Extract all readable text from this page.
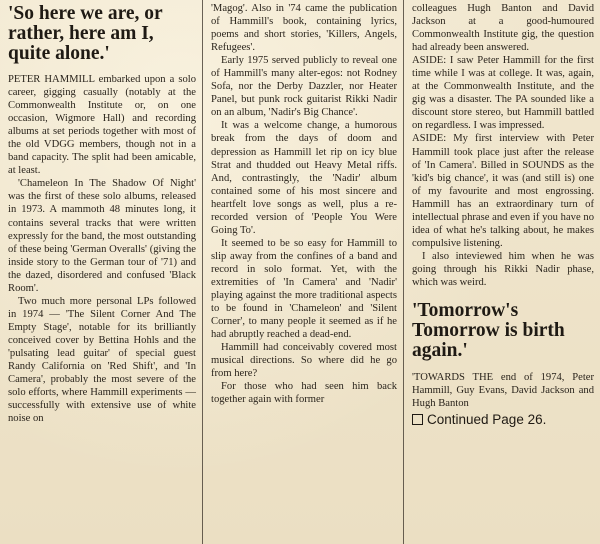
'So here we are, or rather, here am I, quite alone.'

PETER HAMMILL embarked upon a solo career, gigging casually (notably at the Commonwealth Institute or, on one occasion, Wigmore Hall) and recording albums at set periods together with most of the old VDGG members, though not in a band capacity. The split had been amicable, at least.

'Chameleon In The Shadow Of Night' was the first of these solo albums, released in 1973. A mammoth 48 minutes long, it contains several tracks that were written expressly for the band, the most outstanding of these being 'German Overalls' (giving the inside story to the German tour of '71) and the dazed, disordered and confused 'Black Room'.

Two much more personal LPs followed in 1974 — 'The Silent Corner And The Empty Stage', notable for its brilliantly conceived cover by Bettina Hohls and the 'pulsating lead guitar' of special guest Randy California on 'Red Shift', and 'In Camera', probably the most severe of the solo efforts, where Hammill experiments — successfully with extensive use of white noise on

'Magog'. Also in '74 came the publication of Hammill's book, containing lyrics, poems and short stories, 'Killers, Angels, Refugees'.

Early 1975 served publicly to reveal one of Hammill's many alter-egos: not Rodney Sofa, nor the Derby Dazzler, nor Heater Panel, but punk rock guitarist Rikki Nadir on an album, 'Nadir's Big Chance'.

It was a welcome change, a humorous break from the days of doom and depression as Hammill let rip on icy blue Strat and thudded out Heavy Metal riffs. And, contrastingly, the 'Nadir' album contained some of his most sincere and heartfelt love songs as well, plus a re-recorded version of 'People You Were Going To'.

It seemed to be so easy for Hammill to slip away from the confines of a band and record in solo format. Yet, with the extremities of 'In Camera' and 'Nadir' playing against the more traditional aspects to be found in 'Chameleon' and 'Silent Corner', to many people it seemed as if he had abruptly reached a dead-end.

Hammill had conceivably covered most musical directions. So where did he go from here?

For those who had seen him back together again with former

colleagues Hugh Banton and David Jackson at a good-humoured Commonwealth Institute gig, the question had already been answered.

ASIDE: I saw Peter Hammill for the first time while I was at college. It was, again, at the Commonwealth Institute, and the gig was a disaster. The PA sounded like a discount store stereo, but Hammill battled on regardless. I was impressed.

ASIDE: My first interview with Peter Hammill took place just after the release of 'In Camera'. Billed in SOUNDS as the 'kid's big chance', it was (and still is) one of my favourite and most engrossing. Hammill has an extraordinary turn of intellectual phrase and even if you have no idea of what he's talking about, he makes compulsive listening.

I also inteviewed him when he was going through his Rikki Nadir phase, which was weird.

'Tomorrow's Tomorrow is birth again.'

'TOWARDS THE end of 1974, Peter Hammill, Guy Evans, David Jackson and Hugh Banton

Continued Page 26.
